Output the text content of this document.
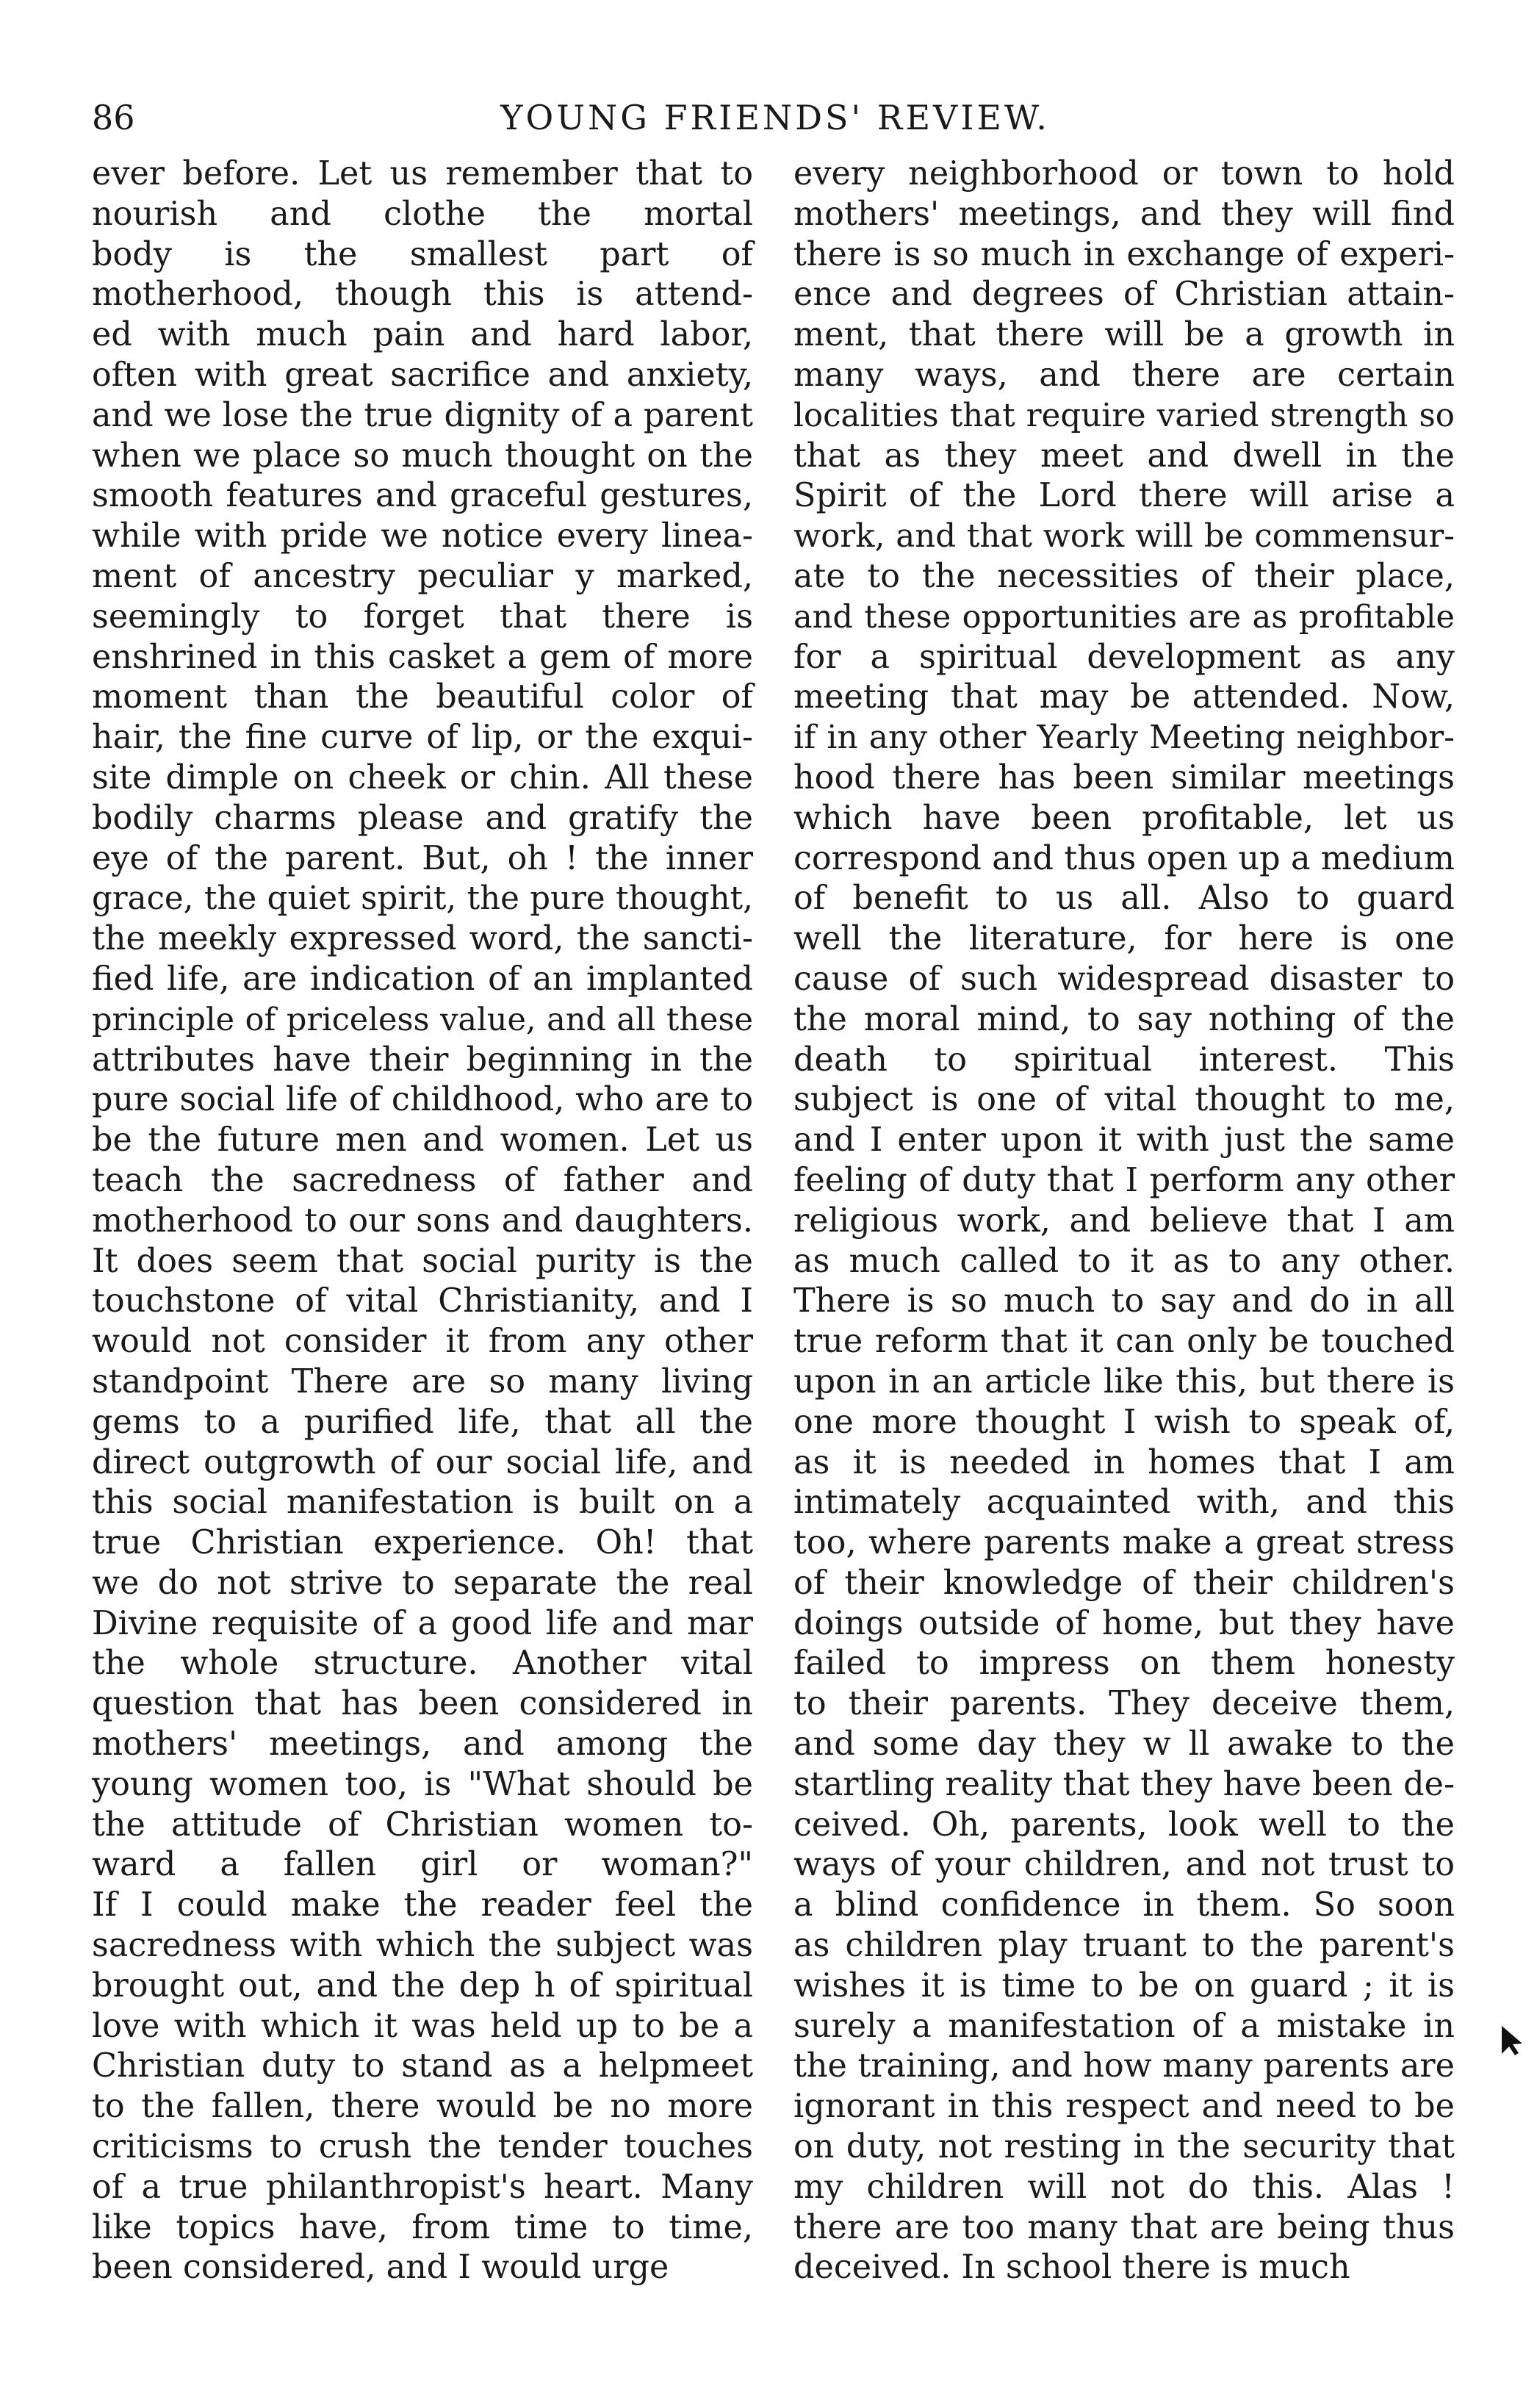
86	YOUNG FRIENDS' REVIEW.
ever before. Let us remember that to
nourish and clothe the mortal
body is the smallest part of
motherhood, though this is attend-
ed with much pain and hard labor,
often with great sacrifice and anxiety,
and we lose the true dignity of a parent
when we place so much thought on the
smooth features and graceful gestures,
while with pride we notice every linea-
ment of ancestry peculiar y marked,
seemingly to forget that there is
enshrined in this casket a gem of more
moment than the beautiful color of
hair, the fine curve of lip, or the exqui-
site dimple on cheek or chin. All these
bodily charms please and gratify the
eye of the parent. But, oh ! the inner
grace, the quiet spirit, the pure thought,
the meekly expressed word, the sancti-
fied life, are indication of an implanted
principle of priceless value, and all these
attributes have their beginning in the
pure social life of childhood, who are to
be the future men and women. Let us
teach the sacredness of father and
motherhood to our sons and daughters.
It does seem that social purity is the
touchstone of vital Christianity, and I
would not consider it from any other
standpoint There are so many living
gems to a purified life, that all the
direct outgrowth of our social life, and
this social manifestation is built on a
true Christian experience. Oh! that
we do not strive to separate the real
Divine requisite of a good life and mar
the whole structure. Another vital
question that has been considered in
mothers' meetings, and among the
young women too, is "What should be
the attitude of Christian women to-
ward a fallen girl or woman?"
If I could make the reader feel the
sacredness with which the subject was
brought out, and the dep h of spiritual
love with which it was held up to be a
Christian duty to stand as a helpmeet
to the fallen, there would be no more
criticisms to crush the tender touches
of a true philanthropist's heart. Many
like topics have, from time to time,
been considered, and I would urge
every neighborhood or town to hold
mothers' meetings, and they will find
there is so much in exchange of experi-
ence and degrees of Christian attain-
ment, that there will be a growth in
many ways, and there are certain
localities that require varied strength so
that as they meet and dwell in the
Spirit of the Lord there will arise a
work, and that work will be commensur-
ate to the necessities of their place,
and these opportunities are as profitable
for a spiritual development as any
meeting that may be attended. Now,
if in any other Yearly Meeting neighbor-
hood there has been similar meetings
which have been profitable, let us
correspond and thus open up a medium
of benefit to us all. Also to guard
well the literature, for here is one
cause of such widespread disaster to
the moral mind, to say nothing of the
death to spiritual interest. This
subject is one of vital thought to me,
and I enter upon it with just the same
feeling of duty that I perform any other
religious work, and believe that I am
as much called to it as to any other.
There is so much to say and do in all
true reform that it can only be touched
upon in an article like this, but there is
one more thought I wish to speak of,
as it is needed in homes that I am
intimately acquainted with, and this
too, where parents make a great stress
of their knowledge of their children's
doings outside of home, but they have
failed to impress on them honesty
to their parents. They deceive them,
and some day they w ll awake to the
startling reality that they have been de-
ceived. Oh, parents, look well to the
ways of your children, and not trust to
a blind confidence in them. So soon
as children play truant to the parent's
wishes it is time to be on guard ; it is
surely a manifestation of a mistake in
the training, and how many parents are
ignorant in this respect and need to be
on duty, not resting in the security that
my children will not do this. Alas !
there are too many that are being thus
deceived. In school there is much
